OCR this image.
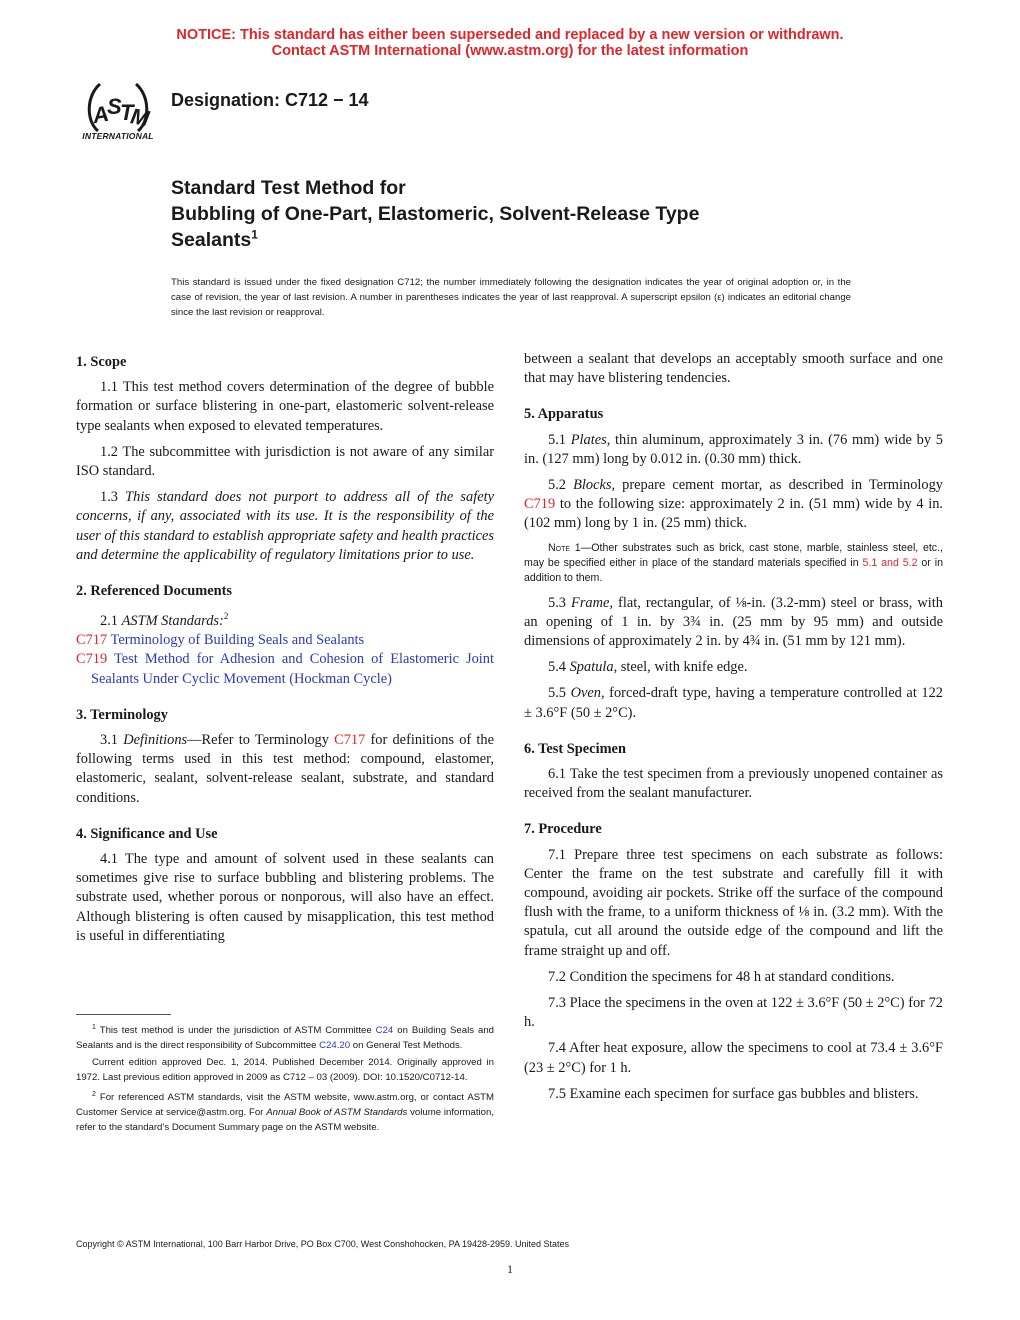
NOTICE: This standard has either been superseded and replaced by a new version or withdrawn.
Contact ASTM International (www.astm.org) for the latest information
A
S
T
M
INTERNATIONAL
Designation: C712 − 14
Standard Test Method for
Bubbling of One-Part, Elastomeric, Solvent-Release Type
Sealants$^1$
This standard is issued under the fixed designation C712; the number immediately following the designation indicates the year of original adoption or, in the case of revision, the year of last revision. A number in parentheses indicates the year of last reapproval. A superscript epsilon (ε) indicates an editorial change since the last revision or reapproval.
1. Scope

1.1 This test method covers determination of the degree of bubble formation or surface blistering in one-part, elastomeric solvent-release type sealants when exposed to elevated temperatures.

1.2 The subcommittee with jurisdiction is not aware of any similar ISO standard.

1.3 This standard does not purport to address all of the safety concerns, if any, associated with its use. It is the responsibility of the user of this standard to establish appropriate safety and health practices and determine the applicability of regulatory limitations prior to use.

2. Referenced Documents

2.1 ASTM Standards:$^2$

C717 Terminology of Building Seals and Sealants

C719 Test Method for Adhesion and Cohesion of Elastomeric Joint Sealants Under Cyclic Movement (Hockman Cycle)

3. Terminology

3.1 Definitions—Refer to Terminology C717 for definitions of the following terms used in this test method: compound, elastomer, elastomeric, sealant, solvent-release sealant, substrate, and standard conditions.

4. Significance and Use

4.1 The type and amount of solvent used in these sealants can sometimes give rise to surface bubbling and blistering problems. The substrate used, whether porous or nonporous, will also have an effect. Although blistering is often caused by misapplication, this test method is useful in differentiating

$^1$ This test method is under the jurisdiction of ASTM Committee C24 on Building Seals and Sealants and is the direct responsibility of Subcommittee C24.20 on General Test Methods.

Current edition approved Dec. 1, 2014. Published December 2014. Originally approved in 1972. Last previous edition approved in 2009 as C712 – 03 (2009). DOI: 10.1520/C0712-14.

$^2$ For referenced ASTM standards, visit the ASTM website, www.astm.org, or contact ASTM Customer Service at service@astm.org. For Annual Book of ASTM Standards volume information, refer to the standard’s Document Summary page on the ASTM website.

between a sealant that develops an acceptably smooth surface and one that may have blistering tendencies.

5. Apparatus

5.1 Plates, thin aluminum, approximately 3 in. (76 mm) wide by 5 in. (127 mm) long by 0.012 in. (0.30 mm) thick.

5.2 Blocks, prepare cement mortar, as described in Terminology C719 to the following size: approximately 2 in. (51 mm) wide by 4 in. (102 mm) long by 1 in. (25 mm) thick.

Note 1—Other substrates such as brick, cast stone, marble, stainless steel, etc., may be specified either in place of the standard materials specified in 5.1 and 5.2 or in addition to them.

5.3 Frame, flat, rectangular, of ⅛-in. (3.2-mm) steel or brass, with an opening of 1 in. by 3¾ in. (25 mm by 95 mm) and outside dimensions of approximately 2 in. by 4¾ in. (51 mm by 121 mm).

5.4 Spatula, steel, with knife edge.

5.5 Oven, forced-draft type, having a temperature controlled at 122 ± 3.6°F (50 ± 2°C).

6. Test Specimen

6.1 Take the test specimen from a previously unopened container as received from the sealant manufacturer.

7. Procedure

7.1 Prepare three test specimens on each substrate as follows: Center the frame on the test substrate and carefully fill it with compound, avoiding air pockets. Strike off the surface of the compound flush with the frame, to a uniform thickness of ⅛ in. (3.2 mm). With the spatula, cut all around the outside edge of the compound and lift the frame straight up and off.

7.2 Condition the specimens for 48 h at standard conditions.

7.3 Place the specimens in the oven at 122 ± 3.6°F (50 ± 2°C) for 72 h.

7.4 After heat exposure, allow the specimens to cool at 73.4 ± 3.6°F (23 ± 2°C) for 1 h.

7.5 Examine each specimen for surface gas bubbles and blisters.

Copyright © ASTM International, 100 Barr Harbor Drive, PO Box C700, West Conshohocken, PA 19428-2959. United States
1
